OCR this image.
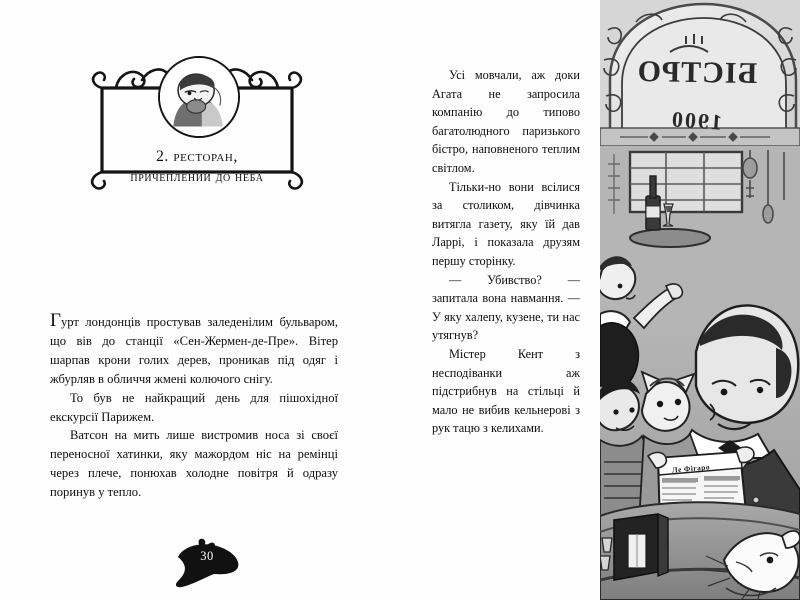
2. ресторан,
причеплений до неба

Гурт лондонців простував заледенілим бульваром, що вів до станції «Сен-Жермен-де-Пре». Вітер шарпав крони голих дерев, проникав під одяг і жбурляв в обличчя жмені колючого снігу.

То був не найкращий день для пішохідної екскурсії Парижем.

Ватсон на мить лише вистромив носа зі своєї переносної хатинки, яку мажордом ніс на ремінці через плече, понюхав холодне повітря й одразу поринув у тепло.

30

Усі мовчали, аж доки Агата не запросила компанію до типово багатолюдного паризького бістро, наповненого теплим світлом.

Тільки-но вони всілися за столиком, дівчинка витягла газету, яку їй дав Ларрі, і показала друзям першу сторінку.

— Убивство? — запитала вона навмання. — У яку халепу, кузене, ти нас утягнув?

Містер Кент з несподіванки аж підстрибнув на стільці й мало не вибив кельнерові з рук тацю з келихами.

БІСТРО
1900
Ле Фігаро
